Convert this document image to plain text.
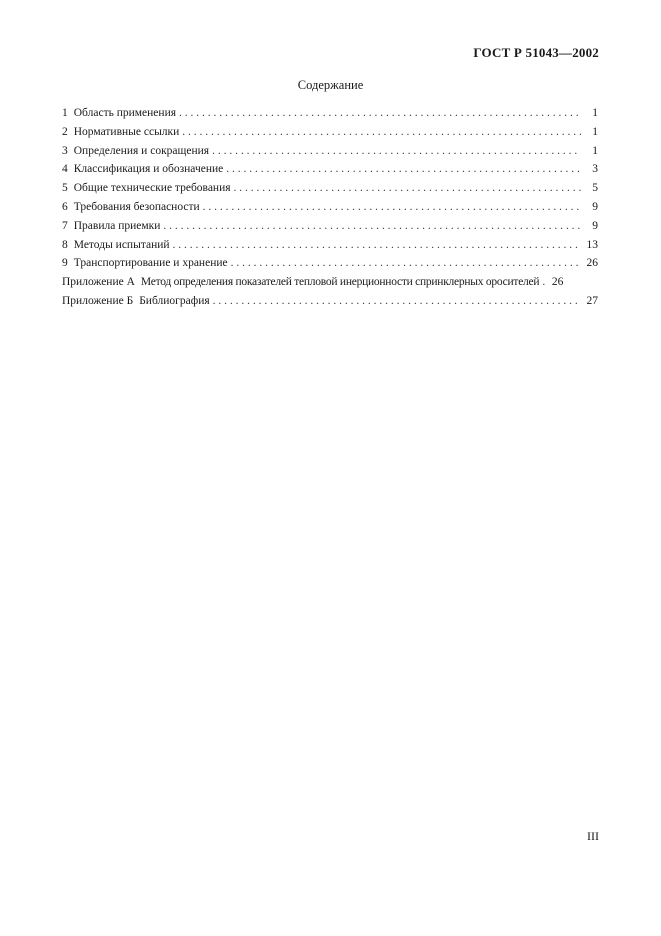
ГОСТ Р 51043—2002
Содержание
1 Область применения . . .	1
2 Нормативные ссылки . . .	1
3 Определения и сокращения . . .	1
4 Классификация и обозначение . . .	3
5 Общие технические требования . . .	5
6 Требования безопасности . . .	9
7 Правила приемки . . .	9
8 Методы испытаний . . .	13
9 Транспортирование и хранение . . .	26
Приложение А Метод определения показателей тепловой инерционности спринклерных оросителей . . . 26
Приложение Б Библиография . . .	27
III
